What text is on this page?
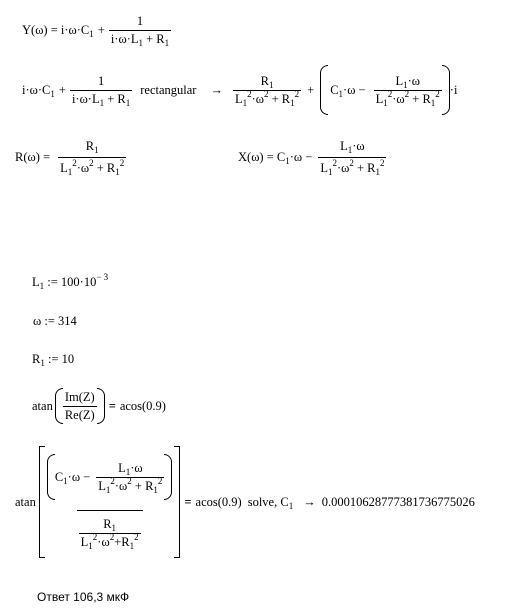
Y(ω) =
$i\cdot\omega\cdot C_1 + \frac{1}{i\cdot\omega\cdot L_1 + R_1}$
$i\cdot\omega\cdot C_1 + \frac{1}{i\cdot\omega\cdot L_1 + R_1}$ rectangular	→ $\frac{R_1}{L_1^2\cdot\omega^2 + R_1^2}$ +	$C_1\cdot\omega - \frac{L_1\cdot\omega}{L_1^2\cdot\omega^2 + R_1^2} \cdot i$
$R(\omega) = \frac{R_1}{L_1^2\cdot\omega^2 + R_1^2}$	X(ω) =
$C_1\cdot\omega - \frac{L_1\cdot\omega}{L_1^2\cdot\omega^2 + R_1^2}$
$L_1$ := $100\cdot 10^{- 3}$
ω := 314
$R_1$ := 10
atan $\frac{Im(Z)}{Re(Z)} = acos(0.9)$
atan $\frac{C_1\cdot\omega - \frac{L_1\cdot\omega}{L_1^2\cdot\omega^2 + R_1^2}}{\frac{R_1}{L_1^2\cdot\omega^2+R_1^2}} = acos(0.9)$ solve, $C_1 \to 0.00010628777381736775026$
Ответ 106,3 мкФ
